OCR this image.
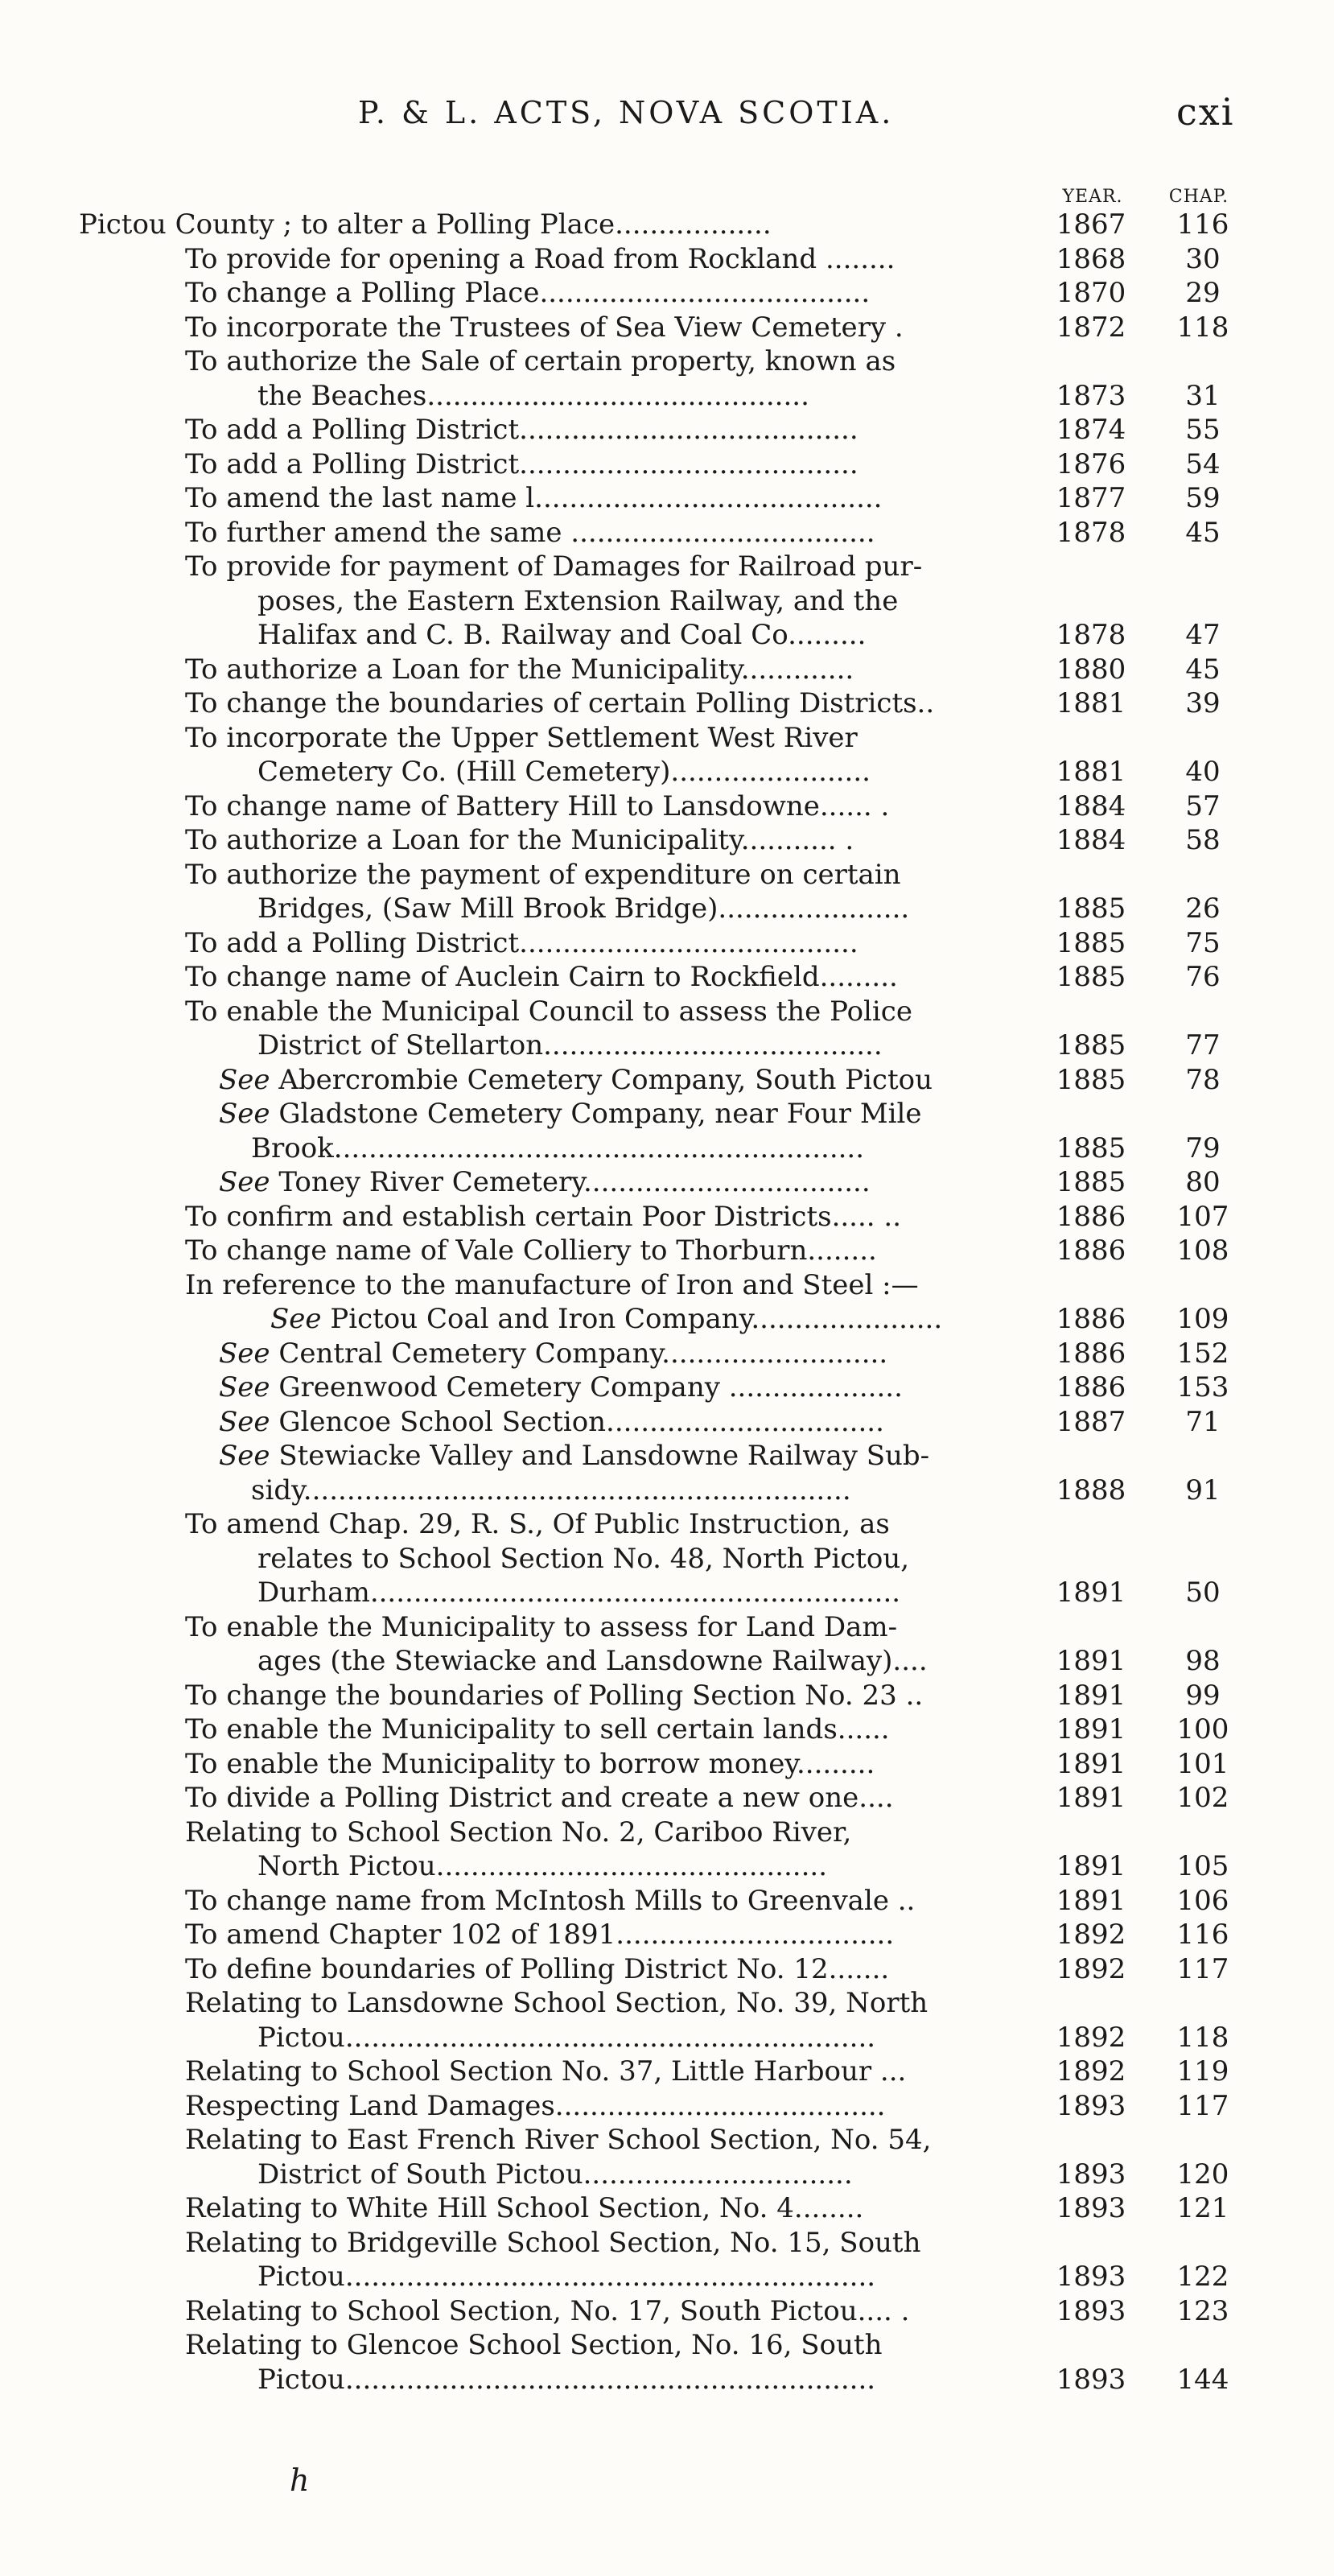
P. & L. ACTS, NOVA SCOTIA.	cxi
YEAR.	CHAP.
Pictou County ; to alter a Polling Place..................	1867	116
To provide for opening a Road from Rockland ........	1868	30
To change a Polling Place......................................	1870	29
To incorporate the Trustees of Sea View Cemetery .	1872	118
To authorize the Sale of certain property, known as
the Beaches............................................	1873	31
To add a Polling District.......................................	1874	55
To add a Polling District.......................................	1876	54
To amend the last name l........................................	1877	59
To further amend the same ...................................	1878	45
To provide for payment of Damages for Railroad pur-
poses, the Eastern Extension Railway, and the
Halifax and C. B. Railway and Coal Co.........	1878	47
To authorize a Loan for the Municipality.............	1880	45
To change the boundaries of certain Polling Districts..	1881	39
To incorporate the Upper Settlement West River
Cemetery Co. (Hill Cemetery).......................	1881	40
To change name of Battery Hill to Lansdowne...... .	1884	57
To authorize a Loan for the Municipality........... .	1884	58
To authorize the payment of expenditure on certain
Bridges, (Saw Mill Brook Bridge)......................	1885	26
To add a Polling District.......................................	1885	75
To change name of Auclein Cairn to Rockfield.........	1885	76
To enable the Municipal Council to assess the Police
District of Stellarton.......................................	1885	77
See Abercrombie Cemetery Company, South Pictou	1885	78
See Gladstone Cemetery Company, near Four Mile
Brook.............................................................	1885	79
See Toney River Cemetery.................................	1885	80
To confirm and establish certain Poor Districts..... ..	1886	107
To change name of Vale Colliery to Thorburn........	1886	108
In reference to the manufacture of Iron and Steel :—
See Pictou Coal and Iron Company......................	1886	109
See Central Cemetery Company..........................	1886	152
See Greenwood Cemetery Company ....................	1886	153
See Glencoe School Section................................	1887	71
See Stewiacke Valley and Lansdowne Railway Sub-
sidy...............................................................	1888	91
To amend Chap. 29, R. S., Of Public Instruction, as
relates to School Section No. 48, North Pictou,
Durham.............................................................	1891	50
To enable the Municipality to assess for Land Dam-
ages (the Stewiacke and Lansdowne Railway)....	1891	98
To change the boundaries of Polling Section No. 23 ..	1891	99
To enable the Municipality to sell certain lands......	1891	100
To enable the Municipality to borrow money.........	1891	101
To divide a Polling District and create a new one....	1891	102
Relating to School Section No. 2, Cariboo River,
North Pictou.............................................	1891	105
To change name from McIntosh Mills to Greenvale ..	1891	106
To amend Chapter 102 of 1891................................	1892	116
To define boundaries of Polling District No. 12.......	1892	117
Relating to Lansdowne School Section, No. 39, North
Pictou.............................................................	1892	118
Relating to School Section No. 37, Little Harbour ...	1892	119
Respecting Land Damages......................................	1893	117
Relating to East French River School Section, No. 54,
District of South Pictou...............................	1893	120
Relating to White Hill School Section, No. 4........	1893	121
Relating to Bridgeville School Section, No. 15, South
Pictou.............................................................	1893	122
Relating to School Section, No. 17, South Pictou.... .	1893	123
Relating to Glencoe School Section, No. 16, South
Pictou.............................................................	1893	144
h
